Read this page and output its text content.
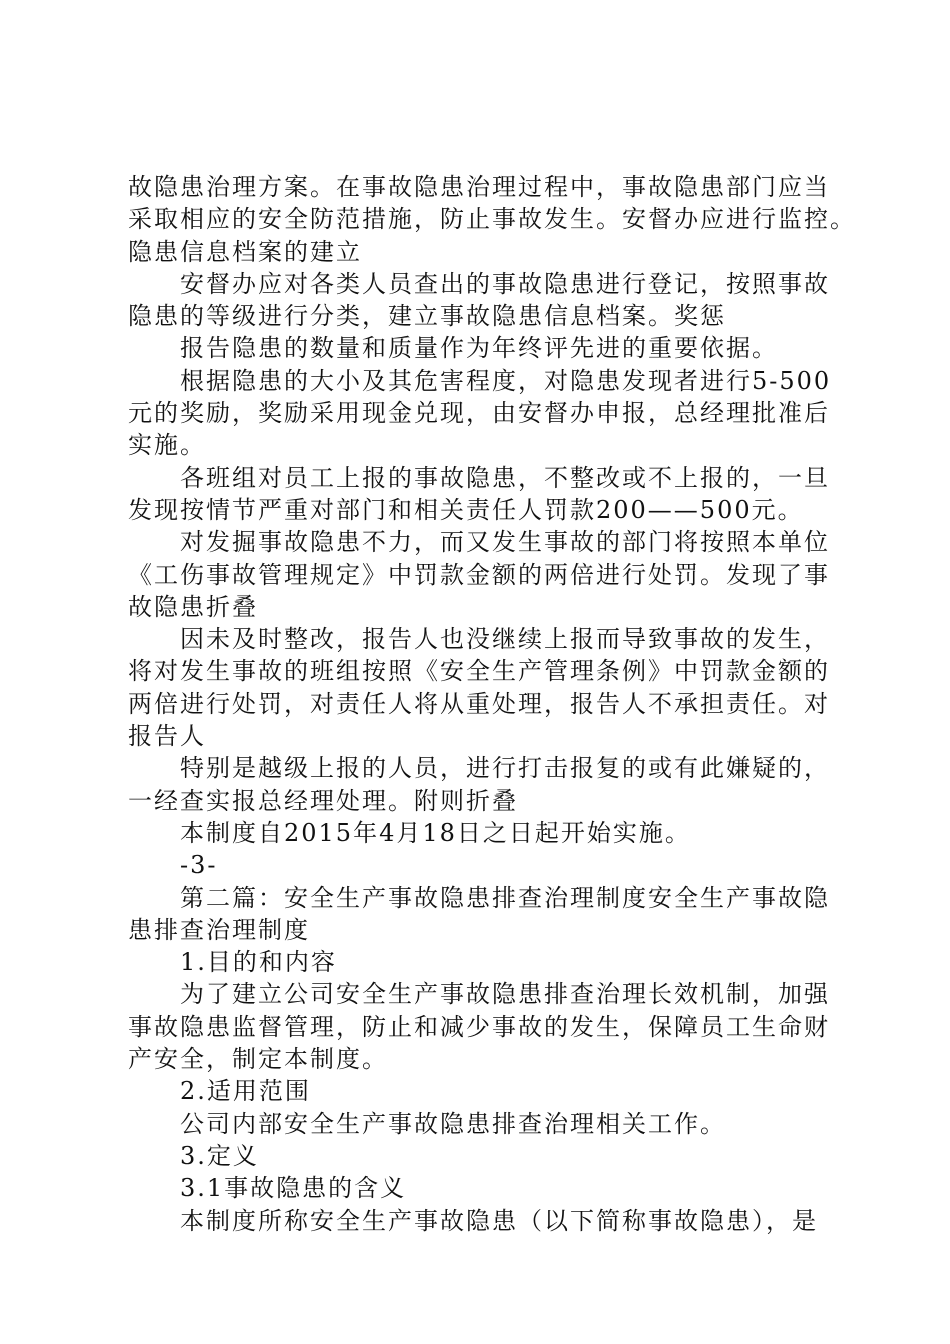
故隐患治理方案。在事故隐患治理过程中，事故隐患部门应当
采取相应的安全防范措施，防止事故发生。安督办应进行监控。
隐患信息档案的建立
安督办应对各类人员查出的事故隐患进行登记，按照事故
隐患的等级进行分类，建立事故隐患信息档案。奖惩
报告隐患的数量和质量作为年终评先进的重要依据。
根据隐患的大小及其危害程度，对隐患发现者进行5-500
元的奖励，奖励采用现金兑现，由安督办申报，总经理批准后
实施。
各班组对员工上报的事故隐患，不整改或不上报的，一旦
发现按情节严重对部门和相关责任人罚款200——500元。
对发掘事故隐患不力，而又发生事故的部门将按照本单位
《工伤事故管理规定》中罚款金额的两倍进行处罚。发现了事
故隐患折叠
因未及时整改，报告人也没继续上报而导致事故的发生，
将对发生事故的班组按照《安全生产管理条例》中罚款金额的
两倍进行处罚，对责任人将从重处理，报告人不承担责任。对
报告人
特别是越级上报的人员，进行打击报复的或有此嫌疑的，
一经查实报总经理处理。附则折叠
本制度自2015年4月18日之日起开始实施。
-3-
第二篇：安全生产事故隐患排查治理制度安全生产事故隐
患排查治理制度
1.目的和内容
为了建立公司安全生产事故隐患排查治理长效机制，加强
事故隐患监督管理，防止和减少事故的发生，保障员工生命财
产安全，制定本制度。
2.适用范围
公司内部安全生产事故隐患排查治理相关工作。
3.定义
3.1事故隐患的含义
本制度所称安全生产事故隐患（以下简称事故隐患），是
